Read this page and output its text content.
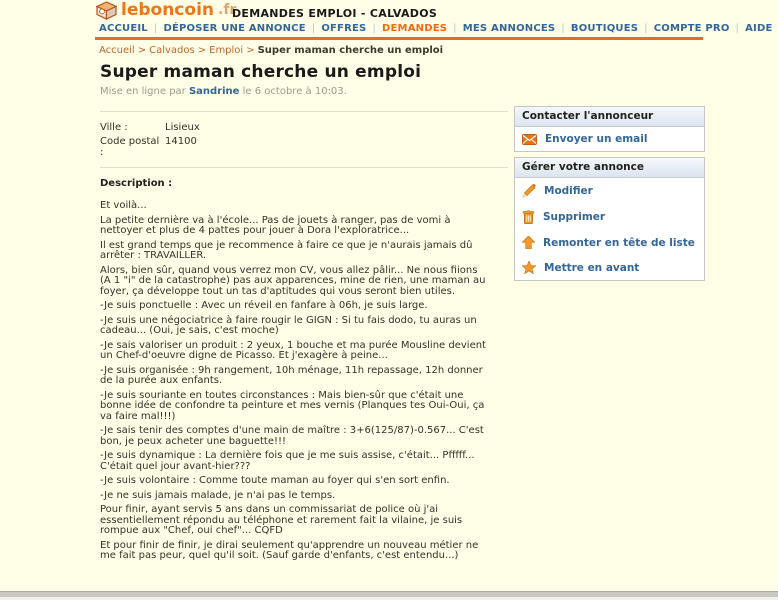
leboncoin .fr
DEMANDES EMPLOI - CALVADOS
ACCUEIL | DÉPOSER UNE ANNONCE | OFFRES | DEMANDES | MES ANNONCES | BOUTIQUES | COMPTE PRO | AIDE
Accueil > Calvados > Emploi > Super maman cherche un emploi
Super maman cherche un emploi
Mise en ligne par Sandrine le 6 octobre à 10:03.
Ville :	Lisieux
Code postal :
14100
Description :

Et voilà...

La petite dernière va à l'école... Pas de jouets à ranger, pas de vomi à nettoyer et plus de 4 pattes pour jouer à Dora l'exploratrice...

Il est grand temps que je recommence à faire ce que je n'aurais jamais dû arrêter : TRAVAILLER.

Alors, bien sûr, quand vous verrez mon CV, vous allez pâlir... Ne nous fiions (A 1 "i" de la catastrophe) pas aux apparences, mine de rien, une maman au foyer, ça développe tout un tas d'aptitudes qui vous seront bien utiles.

-Je suis ponctuelle : Avec un réveil en fanfare à 06h, je suis large.

-Je suis une négociatrice à faire rougir le GIGN : Si tu fais dodo, tu auras un cadeau... (Oui, je sais, c'est moche)

-Je sais valoriser un produit : 2 yeux, 1 bouche et ma purée Mousline devient un Chef-d'oeuvre digne de Picasso. Et j'exagère à peine...

-Je suis organisée : 9h rangement, 10h ménage, 11h repassage, 12h donner de la purée aux enfants.

-Je suis souriante en toutes circonstances : Mais bien-sûr que c'était une bonne idée de confondre ta peinture et mes vernis (Planques tes Oui-Oui, ça va faire mal!!!)

-Je sais tenir des comptes d'une main de maître : 3+6(125/87)-0.567... C'est bon, je peux acheter une baguette!!!

-Je suis dynamique : La dernière fois que je me suis assise, c'était... Pfffff... C'était quel jour avant-hier???

-Je suis volontaire : Comme toute maman au foyer qui s'en sort enfin.

-Je ne suis jamais malade, je n'ai pas le temps.

Pour finir, ayant servis 5 ans dans un commissariat de police où j'ai essentiellement répondu au téléphone et rarement fait la vilaine, je suis rompue aux "Chef, oui chef"... CQFD

Et pour finir de finir, je dirai seulement qu'apprendre un nouveau métier ne me fait pas peur, quel qu'il soit. (Sauf garde d'enfants, c'est entendu...)

Contacter l'annonceur
Envoyer un email
Gérer votre annonce
Modifier
Supprimer
Remonter en tête de liste
Mettre en avant
